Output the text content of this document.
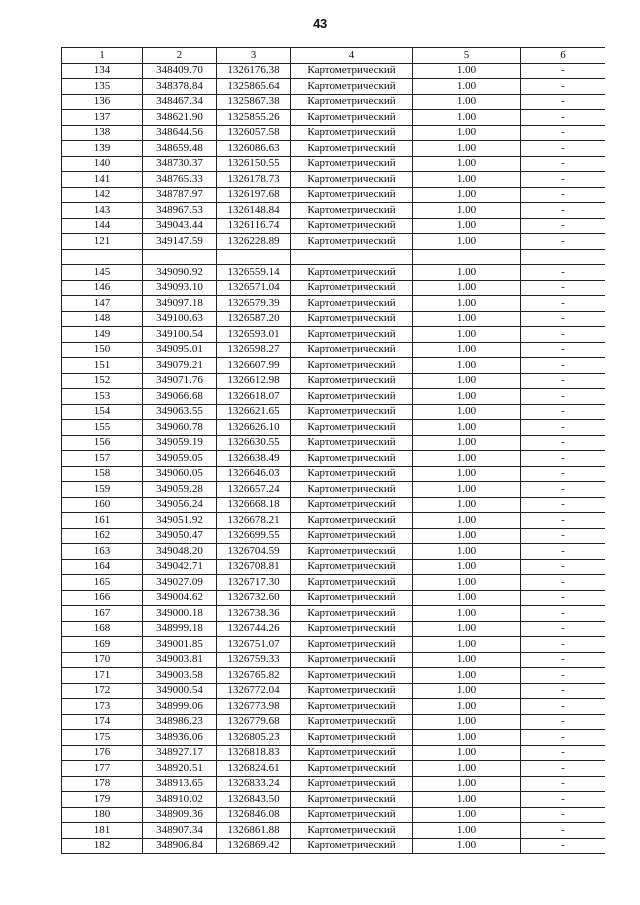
43
1	2	3	4	5	6
134	348409.70	1326176.38	Картометрический	1.00	-
135	348378.84	1325865.64	Картометрический	1.00	-
136	348467.34	1325867.38	Картометрический	1.00	-
137	348621.90	1325855.26	Картометрический	1.00	-
138	348644.56	1326057.58	Картометрический	1.00	-
139	348659.48	1326086.63	Картометрический	1.00	-
140	348730.37	1326150.55	Картометрический	1.00	-
141	348765.33	1326178.73	Картометрический	1.00	-
142	348787.97	1326197.68	Картометрический	1.00	-
143	348967.53	1326148.84	Картометрический	1.00	-
144	349043.44	1326116.74	Картометрический	1.00	-
121	349147.59	1326228.89	Картометрический	1.00	-

145	349090.92	1326559.14	Картометрический	1.00	-
146	349093.10	1326571.04	Картометрический	1.00	-
147	349097.18	1326579.39	Картометрический	1.00	-
148	349100.63	1326587.20	Картометрический	1.00	-
149	349100.54	1326593.01	Картометрический	1.00	-
150	349095.01	1326598.27	Картометрический	1.00	-
151	349079.21	1326607.99	Картометрический	1.00	-
152	349071.76	1326612.98	Картометрический	1.00	-
153	349066.68	1326618.07	Картометрический	1.00	-
154	349063.55	1326621.65	Картометрический	1.00	-
155	349060.78	1326626.10	Картометрический	1.00	-
156	349059.19	1326630.55	Картометрический	1.00	-
157	349059.05	1326638.49	Картометрический	1.00	-
158	349060.05	1326646.03	Картометрический	1.00	-
159	349059.28	1326657.24	Картометрический	1.00	-
160	349056.24	1326668.18	Картометрический	1.00	-
161	349051.92	1326678.21	Картометрический	1.00	-
162	349050.47	1326699.55	Картометрический	1.00	-
163	349048.20	1326704.59	Картометрический	1.00	-
164	349042.71	1326708.81	Картометрический	1.00	-
165	349027.09	1326717.30	Картометрический	1.00	-
166	349004.62	1326732.60	Картометрический	1.00	-
167	349000.18	1326738.36	Картометрический	1.00	-
168	348999.18	1326744.26	Картометрический	1.00	-
169	349001.85	1326751.07	Картометрический	1.00	-
170	349003.81	1326759.33	Картометрический	1.00	-
171	349003.58	1326765.82	Картометрический	1.00	-
172	349000.54	1326772.04	Картометрический	1.00	-
173	348999.06	1326773.98	Картометрический	1.00	-
174	348986.23	1326779.68	Картометрический	1.00	-
175	348936.06	1326805.23	Картометрический	1.00	-
176	348927.17	1326818.83	Картометрический	1.00	-
177	348920.51	1326824.61	Картометрический	1.00	-
178	348913.65	1326833.24	Картометрический	1.00	-
179	348910.02	1326843.50	Картометрический	1.00	-
180	348909.36	1326846.08	Картометрический	1.00	-
181	348907.34	1326861.88	Картометрический	1.00	-
182	348906.84	1326869.42	Картометрический	1.00	-
